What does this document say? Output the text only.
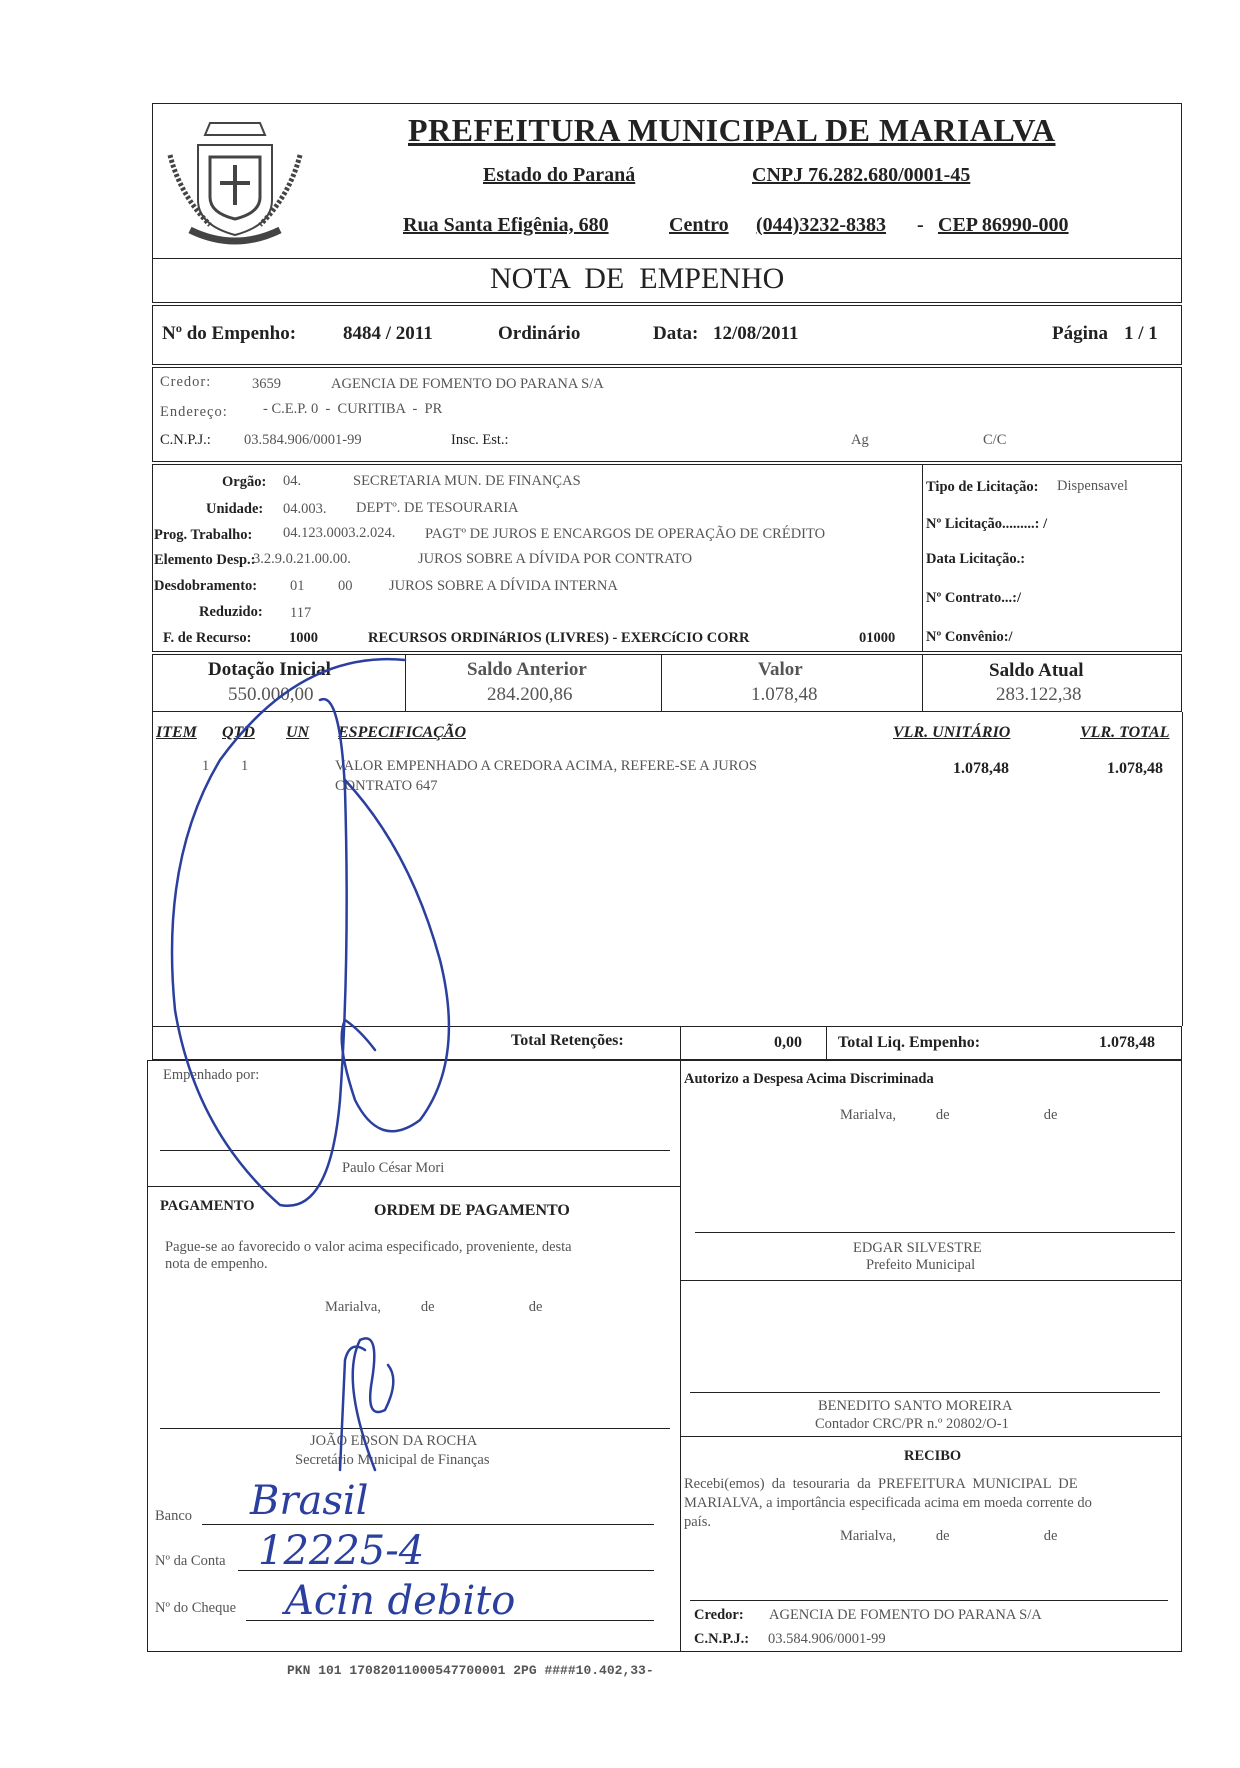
PREFEITURA MUNICIPAL DE MARIALVA
Estado do Paraná	CNPJ 76.282.680/0001-45
Rua Santa Efigênia, 680	Centro (044)3232-8383 - CEP 86990-000
NOTA  DE  EMPENHO
Nº do Empenho: 8484 / 2011	Ordinário	Data: 12/08/2011	Página 1 / 1
Credor:	3659	AGENCIA DE FOMENTO DO PARANA S/A
Endereço: - C.E.P. 0  -  CURITIBA  -  PR
C.N.P.J.: 03.584.906/0001-99	Insc. Est.:	Ag	C/C
Orgão: 04.	SECRETARIA MUN. DE FINANÇAS
Unidade: 04.003. DEPTº. DE TESOURARIA
Prog. Trabalho: 04.123.0003.2.024. PAGTº DE JUROS E ENCARGOS DE OPERAÇÃO DE CRÉDITO
Elemento Desp.:
3.2.9.0.21.00.00.	JUROS SOBRE A DÍVIDA POR CONTRATO
Desdobramento: 01 00	JUROS SOBRE A DÍVIDA INTERNA
Reduzido: 117
F. de Recurso:	1000	RECURSOS ORDINáRIOS (LIVRES) - EXERCíCIO CORR	01000
Tipo de Licitação: Dispensavel
Nº Licitação.........: /
Data Licitação.:
Nº Contrato...:/
Nº Convênio:/
Dotação Inicial
550.000,00
Saldo Anterior
284.200,86
Valor
1.078,48
Saldo Atual
283.122,38
ITEM QTD UN ESPECIFICAÇÃO	VLR. UNITÁRIO	VLR. TOTAL
1 1	VALOR EMPENHADO A CREDORA ACIMA, REFERE-SE A JUROS
CONTRATO 647
1.078,48	1.078,48
Total Retenções:	0,00 Total Liq. Empenho:	1.078,48
Empenhado por:
Paulo César Mori
PAGAMENTO	ORDEM DE PAGAMENTO
Pague-se ao favorecido o valor acima especificado, proveniente, desta
nota de empenho.
Marialva,           de                          de
JOÃO EDSON DA ROCHA
Secretário Municipal de Finanças
Banco
Nº da Conta
Nº do Cheque
Brasil
12225-4
Acin debito
Autorizo a Despesa Acima Discriminada
Marialva,           de                          de
EDGAR SILVESTRE
Prefeito Municipal
BENEDITO SANTO MOREIRA
Contador CRC/PR n.º 20802/O-1
RECIBO
Recebi(emos)  da  tesouraria  da  PREFEITURA  MUNICIPAL  DE
MARIALVA, a importância especificada acima em moeda corrente do
país.
Marialva,           de                          de
Credor: AGENCIA DE FOMENTO DO PARANA S/A
C.N.P.J.: 03.584.906/0001-99
PKN 101 17082011000547700001 2PG ####10.402,33-
